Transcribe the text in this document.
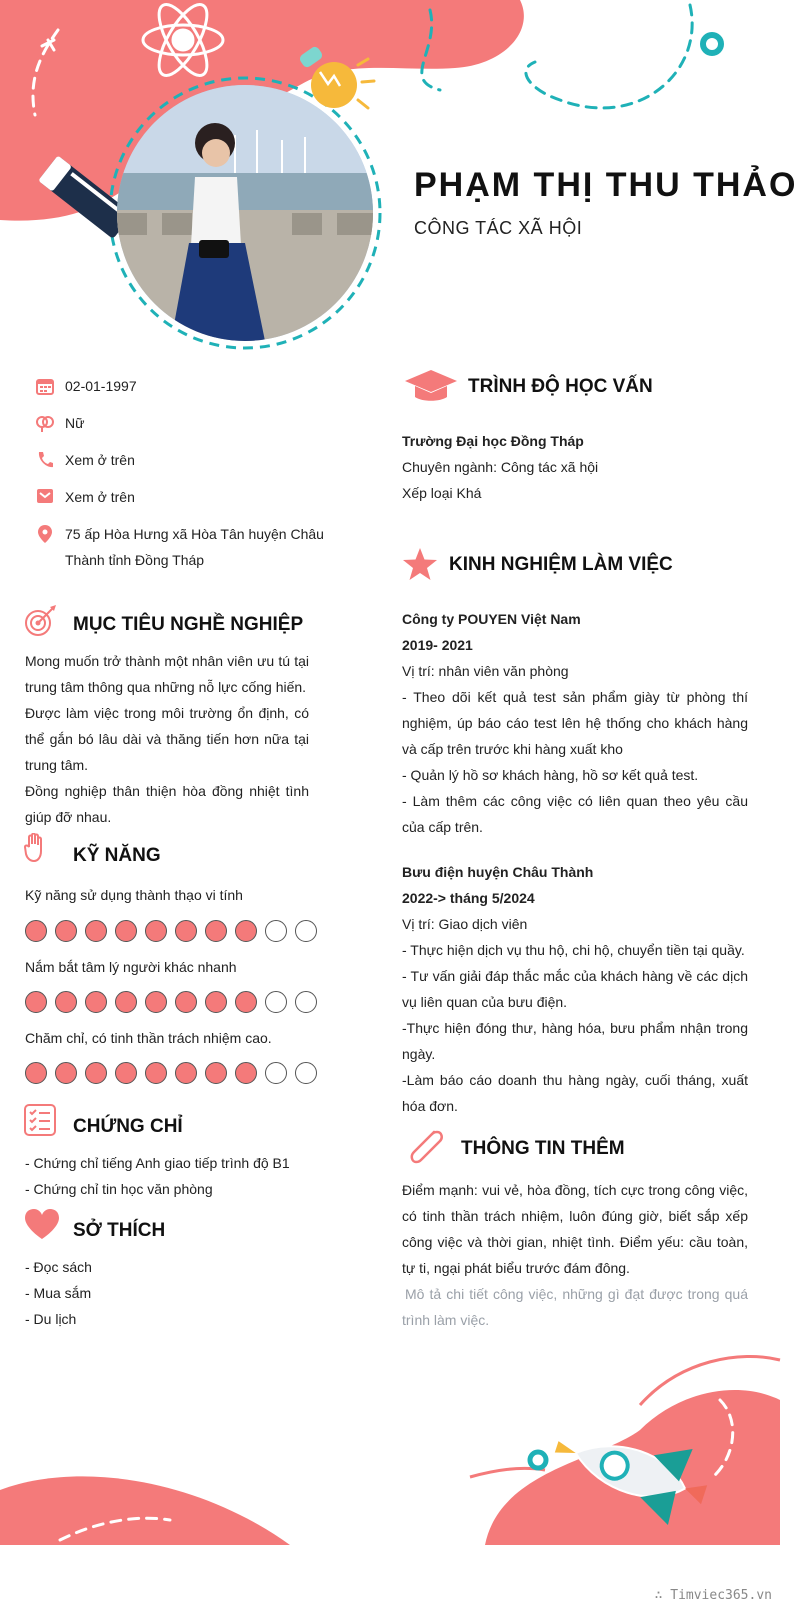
PHẠM THỊ THU THẢO
CÔNG TÁC XÃ HỘI
02-01-1997
Nữ
Xem ở trên
Xem ở trên
75 ấp Hòa Hưng xã Hòa Tân huyện Châu Thành tỉnh Đồng Tháp
MỤC TIÊU NGHỀ NGHIỆP

Mong muốn trở thành một nhân viên ưu tú tại trung tâm thông qua những nỗ lực cống hiến.

Được làm việc trong môi trường ổn định, có thể gắn bó lâu dài và thăng tiến hơn nữa tại trung tâm.

Đồng nghiệp thân thiện hòa đồng nhiệt tình giúp đỡ nhau.

KỸ NĂNG
Kỹ năng sử dụng thành thạo vi tính
Nắm bắt tâm lý người khác nhanh
Chăm chỉ, có tinh thần trách nhiệm cao.
CHỨNG CHỈ

- Chứng chỉ tiếng Anh giao tiếp trình độ B1

- Chứng chỉ tin học văn phòng

SỞ THÍCH

- Đọc sách

- Mua sắm

- Du lịch

TRÌNH ĐỘ HỌC VẤN

Trường Đại học Đồng Tháp

Chuyên ngành: Công tác xã hội

Xếp loại Khá

KINH NGHIỆM LÀM VIỆC

Công ty POUYEN Việt Nam

2019- 2021

Vị trí: nhân viên văn phòng

- Theo dõi kết quả test sản phẩm giày từ phòng thí nghiệm, úp báo cáo test lên hệ thống cho khách hàng và cấp trên trước khi hàng xuất kho

- Quản lý hồ sơ khách hàng, hồ sơ kết quả test.

- Làm thêm các công việc có liên quan theo yêu cầu của cấp trên.

Bưu điện huyện Châu Thành

2022-> tháng 5/2024

Vị trí: Giao dịch viên

- Thực hiện dịch vụ thu hộ, chi hộ, chuyển tiền tại quầy.

- Tư vấn giải đáp thắc mắc của khách hàng về các dịch vụ liên quan của bưu điện.

-Thực hiện đóng thư, hàng hóa, bưu phẩm nhận trong ngày.

-Làm báo cáo doanh thu hàng ngày, cuối tháng, xuất hóa đơn.

THÔNG TIN THÊM

Điểm mạnh: vui vẻ, hòa đồng, tích cực trong công việc, có tinh thần trách nhiệm, luôn đúng giờ, biết sắp xếp công việc và thời gian, nhiệt tình. Điểm yếu: cầu toàn, tự ti, ngại phát biểu trước đám đông.

Mô tả chi tiết công việc, những gì đạt được trong quá trình làm việc.

∴ Timviec365.vn
